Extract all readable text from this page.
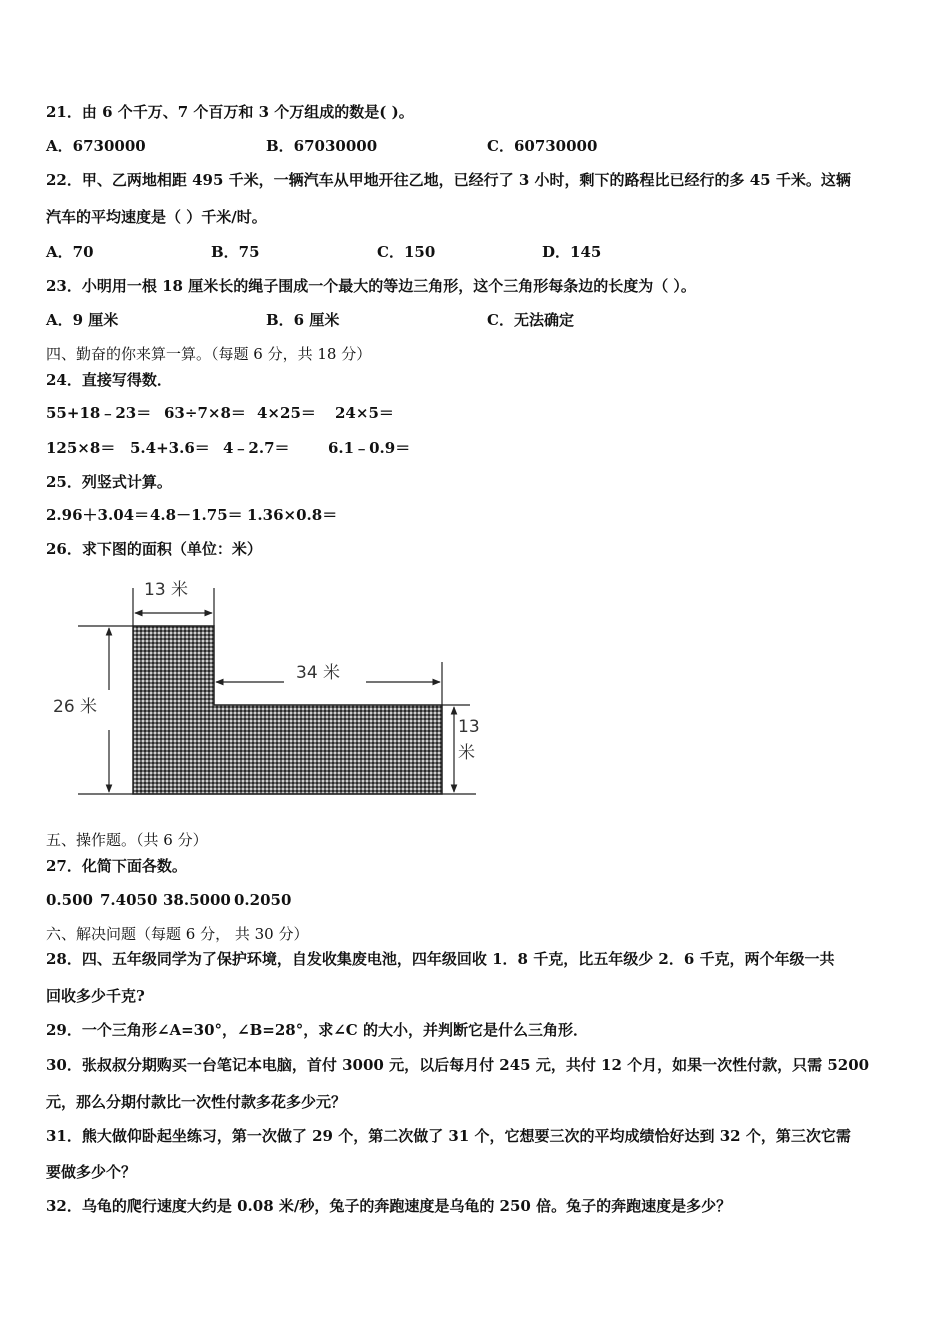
21．由 6 个千万、7 个百万和 3 个万组成的数是( )。
A．6730000	B．67030000	C．60730000
22．甲、乙两地相距 495 千米，一辆汽车从甲地开往乙地，已经行了 3 小时，剩下的路程比已经行的多 45 千米。这辆
汽车的平均速度是（ ）千米/时。
A．70	B．75	C．150	D．145
23．小明用一根 18 厘米长的绳子围成一个最大的等边三角形，这个三角形每条边的长度为（ ）。
A．9 厘米	B．6 厘米	C．无法确定
四、勤奋的你来算一算。（每题 6 分，共 18 分）
24．直接写得数．
55+18﹣23＝ 63÷7×8＝ 4×25＝ 24×5＝
125×8＝ 5.4+3.6＝ 4﹣2.7＝	6.1﹣0.9＝
25．列竖式计算。
2.96＋3.04＝ 4.8－1.75＝ 1.36×0.8＝
26．求下图的面积（单位：米）
13 米
34 米
26 米
13
米
五、操作题。（共 6 分）
27．化简下面各数。
0.500 7.4050 38.5000 0.2050
六、解决问题（每题 6 分， 共 30 分）
28．四、五年级同学为了保护环境，自发收集废电池，四年级回收 1．8 千克，比五年级少 2．6 千克，两个年级一共
回收多少千克?
29．一个三角形∠A=30°，∠B=28°，求∠C 的大小，并判断它是什么三角形．
30．张叔叔分期购买一台笔记本电脑，首付 3000 元，以后每月付 245 元，共付 12 个月，如果一次性付款，只需 5200
元，那么分期付款比一次性付款多花多少元？
31．熊大做仰卧起坐练习，第一次做了 29 个，第二次做了 31 个，它想要三次的平均成绩恰好达到 32 个，第三次它需
要做多少个？
32．乌龟的爬行速度大约是 0.08 米/秒，兔子的奔跑速度是乌龟的 250 倍。兔子的奔跑速度是多少？
